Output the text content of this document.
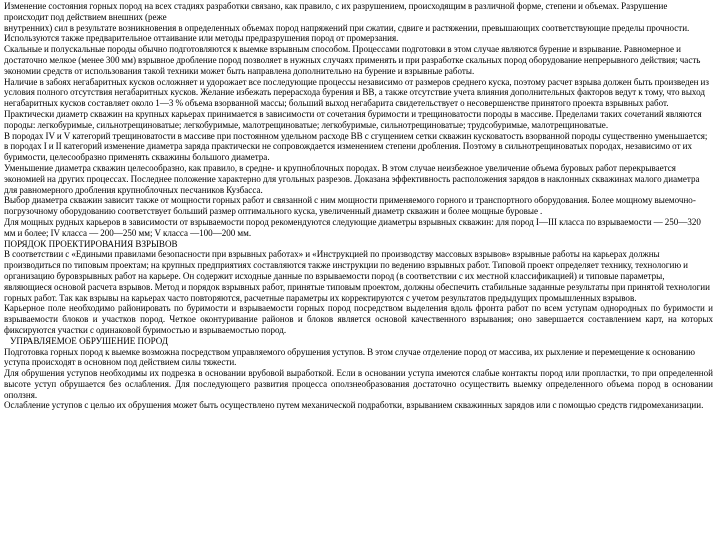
Изменение состояния горных пород на всех стадиях разработки связано, как правило, с их разрушением, происходящим в различной форме, степени и объемах. Разрушение происходит под действием внешних (реже

внутренних) сил в результате возникновения в определенных объемах пород напряжений при сжатии, сдвиге и растяжении, превышающих соответствующие пределы прочности. Используются также предварительное оттаивание или методы предразрушения пород от промерзания.

Скальные и полускальные породы обычно подготовляются к выемке взрывным способом. Процессами подготовки в этом случае являются бурение и взрывание. Равномерное и достаточно мелкое (менее 300 мм) взрывное дробление пород позволяет в нужных случаях применять и при разработке скальных пород оборудование непрерывного действия; часть экономии средств от использования такой техники может быть направлена дополнительно на бурение и взрывные работы.

Наличие в забоях негабаритных кусков осложняет и удорожает все последующие процессы независимо от размеров среднего куска, поэтому расчет взрыва должен быть произведен из условия полного отсутствия негабаритных кусков. Желание избежать перерасхода бурения и ВВ, а также отсутствие учета влияния дополнительных факторов ведут к тому, что выход негабаритных кусков составляет около 1—3 % объема взорванной массы; больший выход негабарита свидетельствует о несовершенстве принятого проекта взрывных работ.

Практически диаметр скважин на крупных карьерах принимается в зависимости от сочетания буримости и трещиноватости породы в массиве. Пределами таких сочетаний являются породы: легкобуримые, сильнотрещиноватые; легкобуримые, малотрещиноватые; легкобуримые, сильнотрещиноватые; трудсобуримые, малотрещиноватые.

В породах IV и V категорий трещиноватости в массиве при постоянном удельном расходе ВВ с сгущением сетки скважин кусковатость взорванной породы существенно уменьшается; в породах I и II категорий изменение диаметра заряда практически не сопровождается изменением степени дробления. Поэтому в сильнотрещиноватых породах, независимо от их буримости, целесообразно применять скважины большого диаметра.

Уменьшение диаметра скважин целесообразно, как правило, в средне- и крупноблочных породах. В этом случае неизбежное увеличение объема буровых работ перекрывается экономией на других процессах. Последнее положение характерно для угольных разрезов. Доказана эффективность расположения зарядов в наклонных скважинах малого диаметра для равномерного дробления крупноблочных песчаников Кузбасса.

Выбор диаметра скважин зависит также от мощности горных работ и связанной с ним мощности применяемого горного и транспортного оборудования. Более мощному выемочно-погрузочному оборудованию соответствует больший размер оптимального куска, увеличенный диаметр скважин и более мощные буровые .

Для мощных рудных карьеров в зависимости от взрываемости пород рекомендуются следующие диаметры взрывных скважин: для пород I—III класса по взрываемости — 250—320 мм и более; IV класса — 200—250 мм; V класса —100—200 мм.

ПОРЯДОК ПРОЕКТИРОВАНИЯ ВЗРЫВОВ

В соответствии с «Едиными правилами безопасности при взрывных работах» и «Инструкцией по производству массовых взрывов» взрывные работы на карьерах должны производиться по типовым проектам; на крупных предприятиях составляются также инструкции по ведению взрывных работ. Типовой проект определяет технику, технологию и организацию буровзрывных работ на карьере. Он содержит исходные данные по взрываемости пород (в соответствии с их местной классификацией) и типовые параметры, являющиеся основой расчета взрывов. Метод и порядок взрывных работ, принятые типовым проектом, должны обеспечить стабильные заданные результаты при принятой технологии горных работ. Так как взрывы на карьерах часто повторяются, расчетные параметры их корректируются с учетом результатов предыдущих промышленных взрывов.

Карьерное поле необходимо районировать по буримости и взрываемости горных пород посредством выделения вдоль фронта работ по всем уступам однородных по буримости и взрываемости блоков и участков пород. Четкое оконтуривание районов и блоков является основой качественного взрывания; оно завершается составлением карт, на которых фиксируются участки с одинаковой буримостью и взрываемостью пород.

УПРАВЛЯЕМОЕ ОБРУШЕНИЕ ПОРОД

Подготовка горных пород к выемке возможна посредством управляемого обрушения уступов. В этом случае отделение пород от массива, их рыхление и перемещение к основанию уступа происходят в основном под действием силы тяжести.

Для обрушения уступов необходимы их подрезка в основании врубовой выработкой. Если в основании уступа имеются слабые контакты пород или пропластки, то при определенной высоте уступ обрушается без ослабления. Для последующего развития процесса оползнеобразования достаточно осуществить выемку определенного объема пород в основании оползня.

Ослабление уступов с целью их обрушения может быть осуществлено путем механической подработки, взрыванием скважинных зарядов или с помощью средств гидромеханизации.
